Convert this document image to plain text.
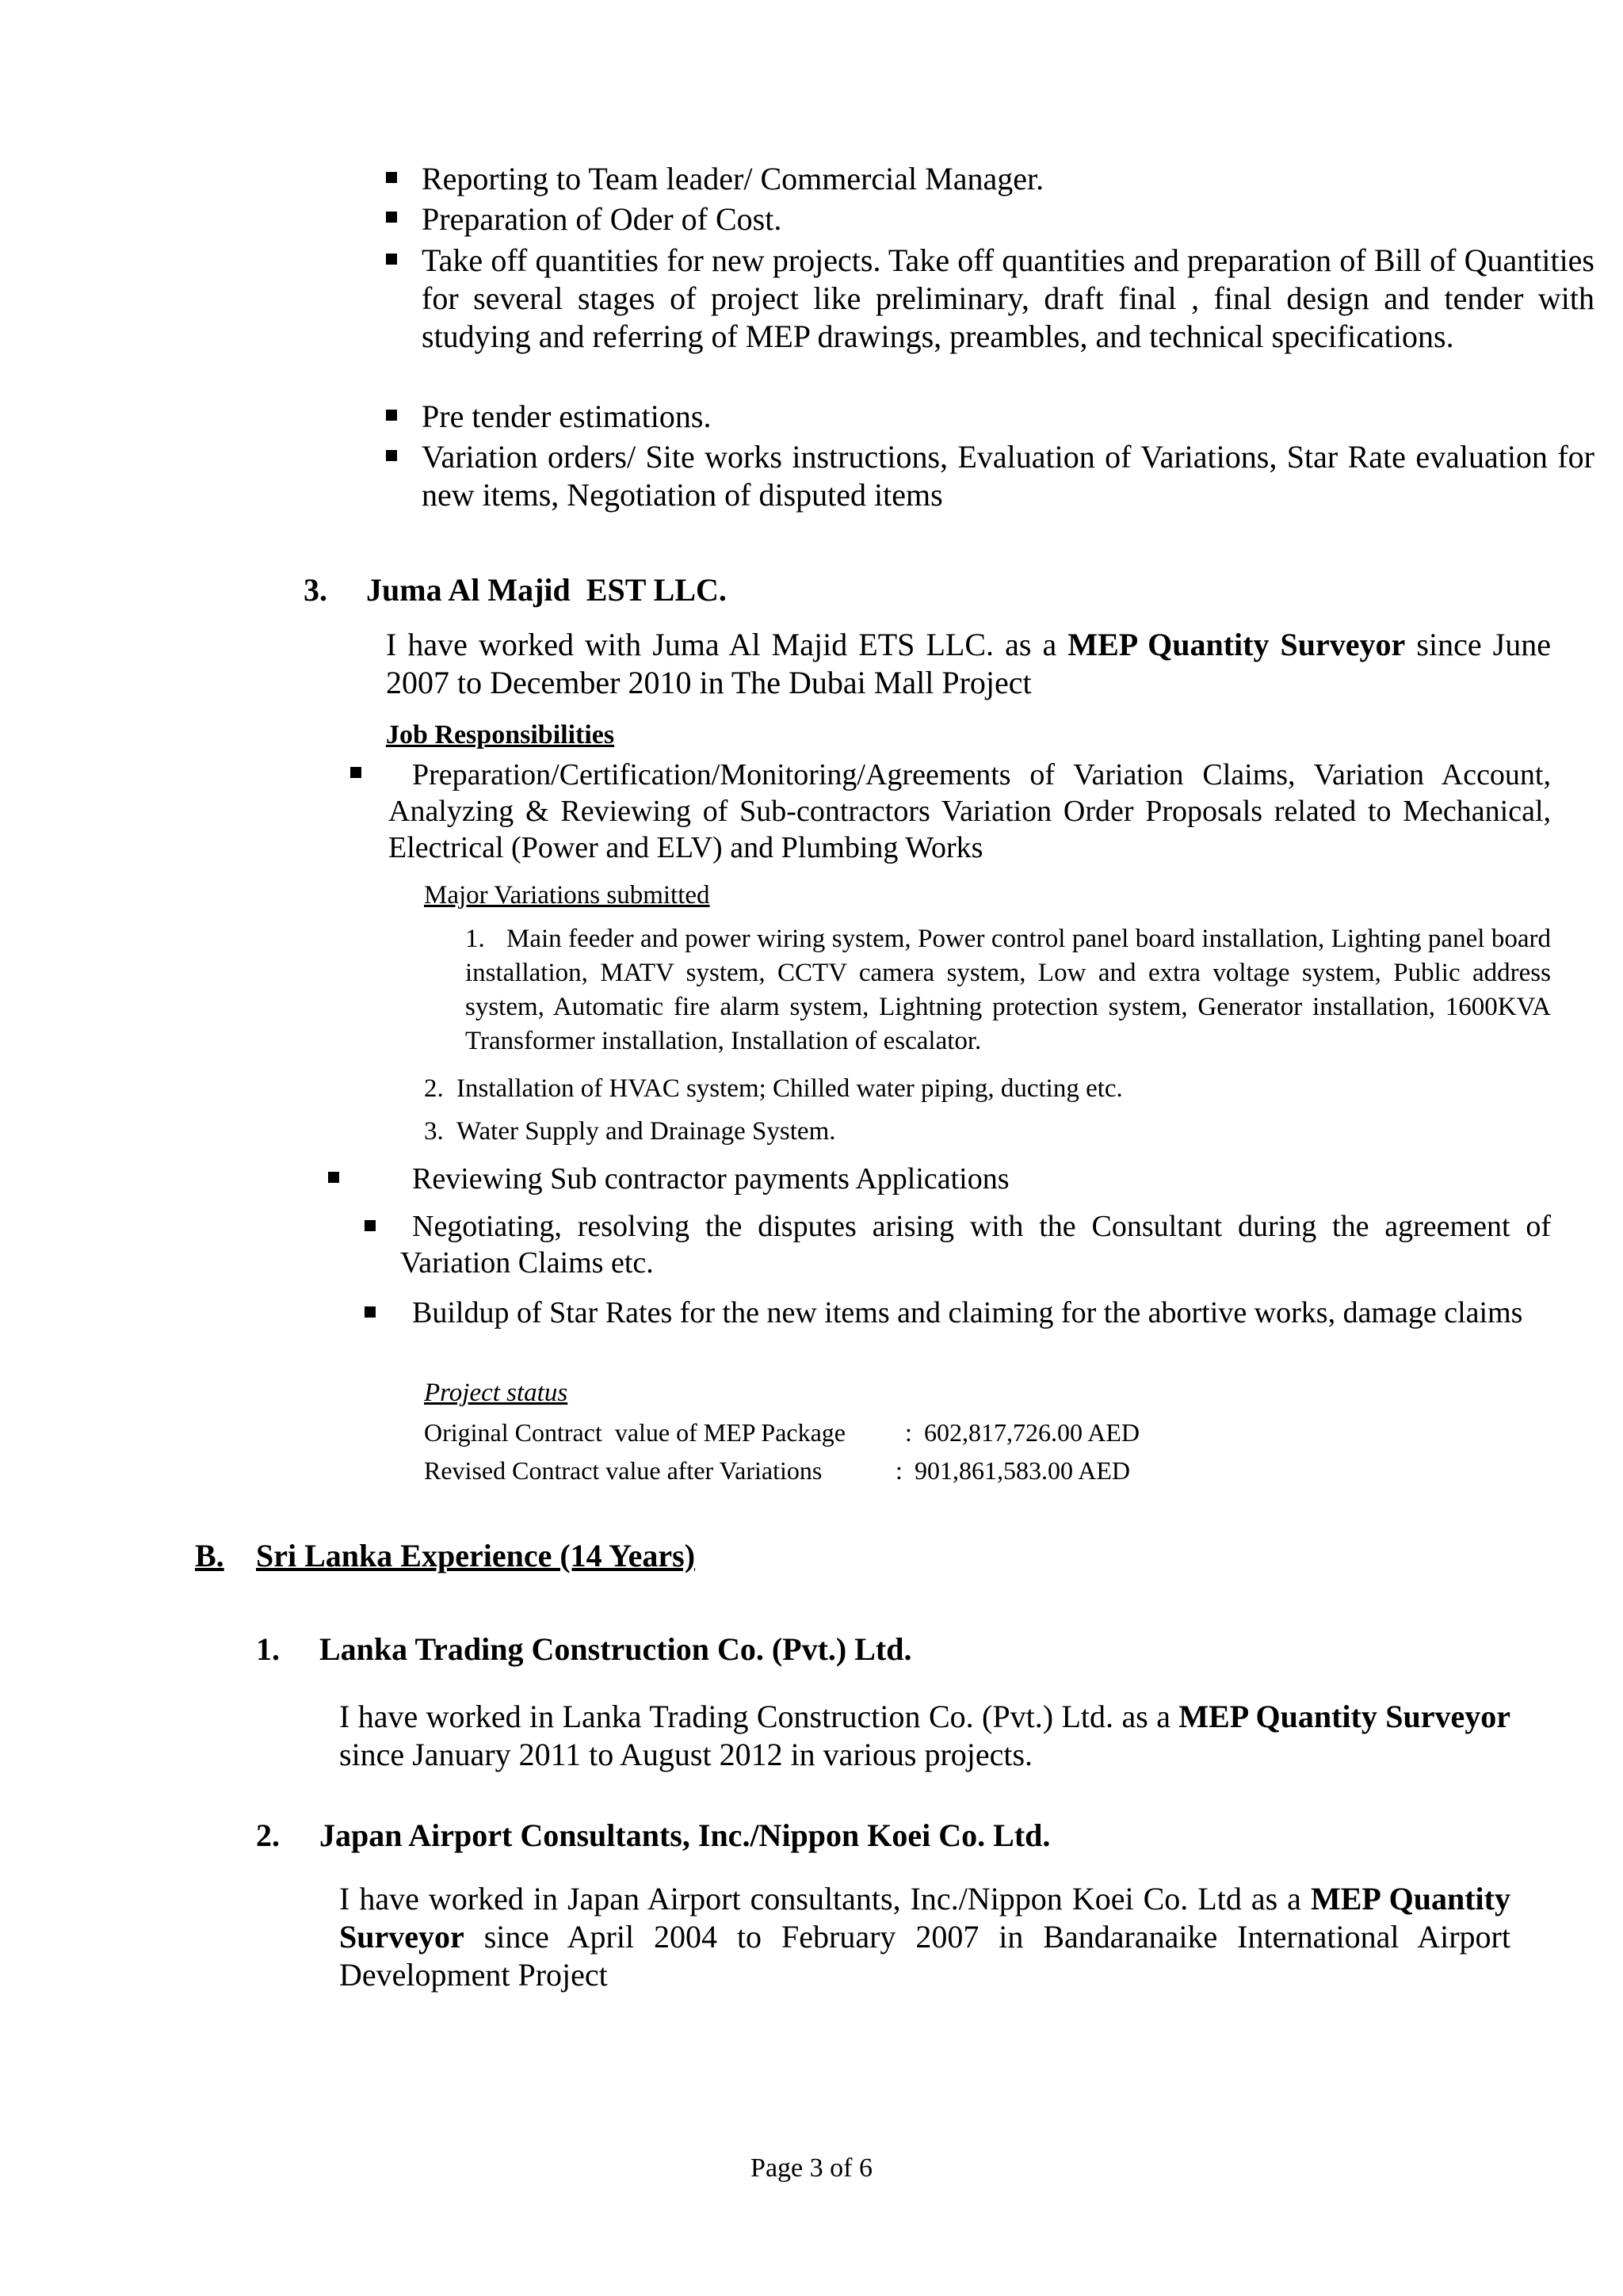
Reporting to Team leader/ Commercial Manager.
Preparation of Oder of Cost.
Take off quantities for new projects. Take off quantities and preparation of Bill of Quantities for several stages of project like preliminary, draft final , final design and tender with studying and referring of MEP drawings, preambles, and technical specifications.
Pre tender estimations.
Variation orders/ Site works instructions, Evaluation of Variations, Star Rate evaluation for new items, Negotiation of disputed items
3. Juma Al Majid  EST LLC.
I have worked with Juma Al Majid ETS LLC. as a MEP Quantity Surveyor since June 2007 to December 2010 in The Dubai Mall Project
Job Responsibilities
Preparation/Certification/Monitoring/Agreements of Variation Claims, Variation Account, Analyzing & Reviewing of Sub-contractors Variation Order Proposals related to Mechanical, Electrical (Power and ELV) and Plumbing Works
Major Variations submitted
1. Main feeder and power wiring system, Power control panel board installation, Lighting panel board installation, MATV system, CCTV camera system, Low and extra voltage system, Public address system, Automatic fire alarm system, Lightning protection system, Generator installation, 1600KVA Transformer installation, Installation of escalator.
2. Installation of HVAC system; Chilled water piping, ducting etc.
3. Water Supply and Drainage System.
Reviewing Sub contractor payments Applications
Negotiating, resolving the disputes arising with the Consultant during the agreement of Variation Claims etc.
Buildup of Star Rates for the new items and claiming for the abortive works, damage claims
Project status
Original Contract  value of MEP Package : 602,817,726.00 AED
Revised Contract value after Variations	: 901,861,583.00 AED
B. Sri Lanka Experience (14 Years)
1. Lanka Trading Construction Co. (Pvt.) Ltd.
I have worked in Lanka Trading Construction Co. (Pvt.) Ltd. as a MEP Quantity Surveyor since January 2011 to August 2012 in various projects.
2. Japan Airport Consultants, Inc./Nippon Koei Co. Ltd.
I have worked in Japan Airport consultants, Inc./Nippon Koei Co. Ltd as a MEP Quantity Surveyor since April 2004 to February 2007 in Bandaranaike International Airport Development Project
Page 3 of 6
